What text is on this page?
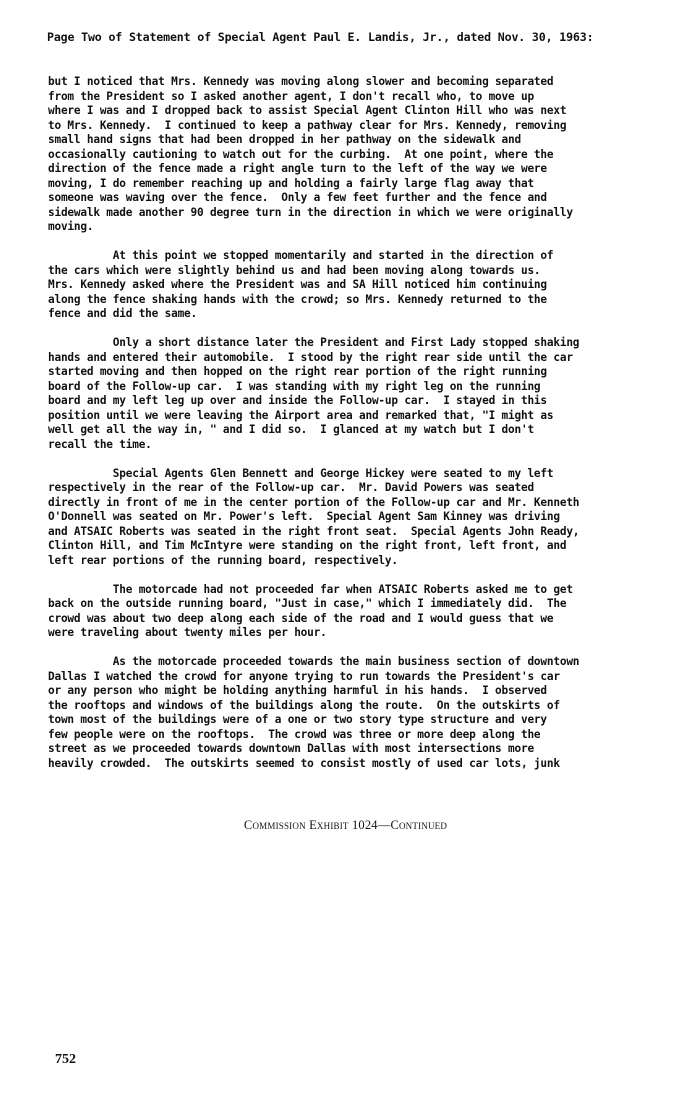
Page Two of Statement of Special Agent Paul E. Landis, Jr., dated Nov. 30, 1963:
but I noticed that Mrs. Kennedy was moving along slower and becoming separated
from the President so I asked another agent, I don't recall who, to move up
where I was and I dropped back to assist Special Agent Clinton Hill who was next
to Mrs. Kennedy.  I continued to keep a pathway clear for Mrs. Kennedy, removing
small hand signs that had been dropped in her pathway on the sidewalk and
occasionally cautioning to watch out for the curbing.  At one point, where the
direction of the fence made a right angle turn to the left of the way we were
moving, I do remember reaching up and holding a fairly large flag away that
someone was waving over the fence.  Only a few feet further and the fence and
sidewalk made another 90 degree turn in the direction in which we were originally
moving.
At this point we stopped momentarily and started in the direction of
the cars which were slightly behind us and had been moving along towards us.
Mrs. Kennedy asked where the President was and SA Hill noticed him continuing
along the fence shaking hands with the crowd; so Mrs. Kennedy returned to the
fence and did the same.
Only a short distance later the President and First Lady stopped shaking
hands and entered their automobile.  I stood by the right rear side until the car
started moving and then hopped on the right rear portion of the right running
board of the Follow-up car.  I was standing with my right leg on the running
board and my left leg up over and inside the Follow-up car.  I stayed in this
position until we were leaving the Airport area and remarked that, "I might as
well get all the way in, " and I did so.  I glanced at my watch but I don't
recall the time.
Special Agents Glen Bennett and George Hickey were seated to my left
respectively in the rear of the Follow-up car.  Mr. David Powers was seated
directly in front of me in the center portion of the Follow-up car and Mr. Kenneth
O'Donnell was seated on Mr. Power's left.  Special Agent Sam Kinney was driving
and ATSAIC Roberts was seated in the right front seat.  Special Agents John Ready,
Clinton Hill, and Tim McIntyre were standing on the right front, left front, and
left rear portions of the running board, respectively.
The motorcade had not proceeded far when ATSAIC Roberts asked me to get
back on the outside running board, "Just in case," which I immediately did.  The
crowd was about two deep along each side of the road and I would guess that we
were traveling about twenty miles per hour.
As the motorcade proceeded towards the main business section of downtown
Dallas I watched the crowd for anyone trying to run towards the President's car
or any person who might be holding anything harmful in his hands.  I observed
the rooftops and windows of the buildings along the route.  On the outskirts of
town most of the buildings were of a one or two story type structure and very
few people were on the rooftops.  The crowd was three or more deep along the
street as we proceeded towards downtown Dallas with most intersections more
heavily crowded.  The outskirts seemed to consist mostly of used car lots, junk
Commission Exhibit 1024—Continued
752
